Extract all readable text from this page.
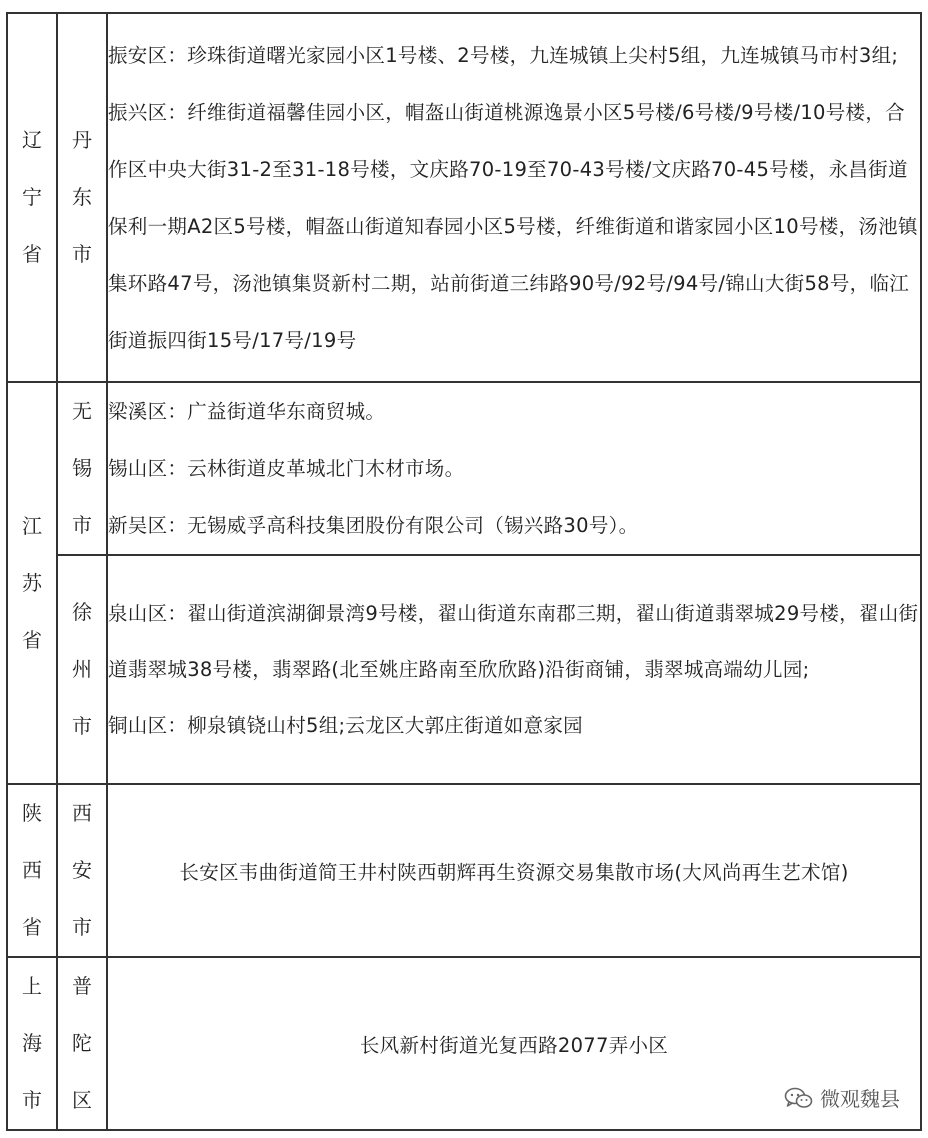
辽宁省	丹东市	振安区：珍珠街道曙光家园小区1号楼、2号楼，九连城镇上尖村5组，九连城镇马市村3组;

振兴区：纤维街道福馨佳园小区，帽盔山街道桃源逸景小区5号楼/6号楼/9号楼/10号楼，合作区中央大街31-2至31-18号楼，文庆路70-19至70-43号楼/文庆路70-45号楼，永昌街道保利一期A2区5号楼，帽盔山街道知春园小区5号楼，纤维街道和谐家园小区10号楼，汤池镇集环路47号，汤池镇集贤新村二期，站前街道三纬路90号/92号/94号/锦山大街58号，临江街道振四街15号/17号/19号

江苏省	无锡市	梁溪区：广益街道华东商贸城。

锡山区：云林街道皮革城北门木材市场。

新吴区：无锡威孚高科技集团股份有限公司（锡兴路30号）。

	徐州市	泉山区：翟山街道滨湖御景湾9号楼，翟山街道东南郡三期，翟山街道翡翠城29号楼，翟山街道翡翠城38号楼，翡翠路(北至姚庄路南至欣欣路)沿街商铺，翡翠城高端幼儿园;

铜山区：柳泉镇铙山村5组;云龙区大郭庄街道如意家园

陕西省	西安市	长安区韦曲街道简王井村陕西朝辉再生资源交易集散市场(大风尚再生艺术馆)

上海市	普陀区	长风新村街道光复西路2077弄小区
微观魏县
